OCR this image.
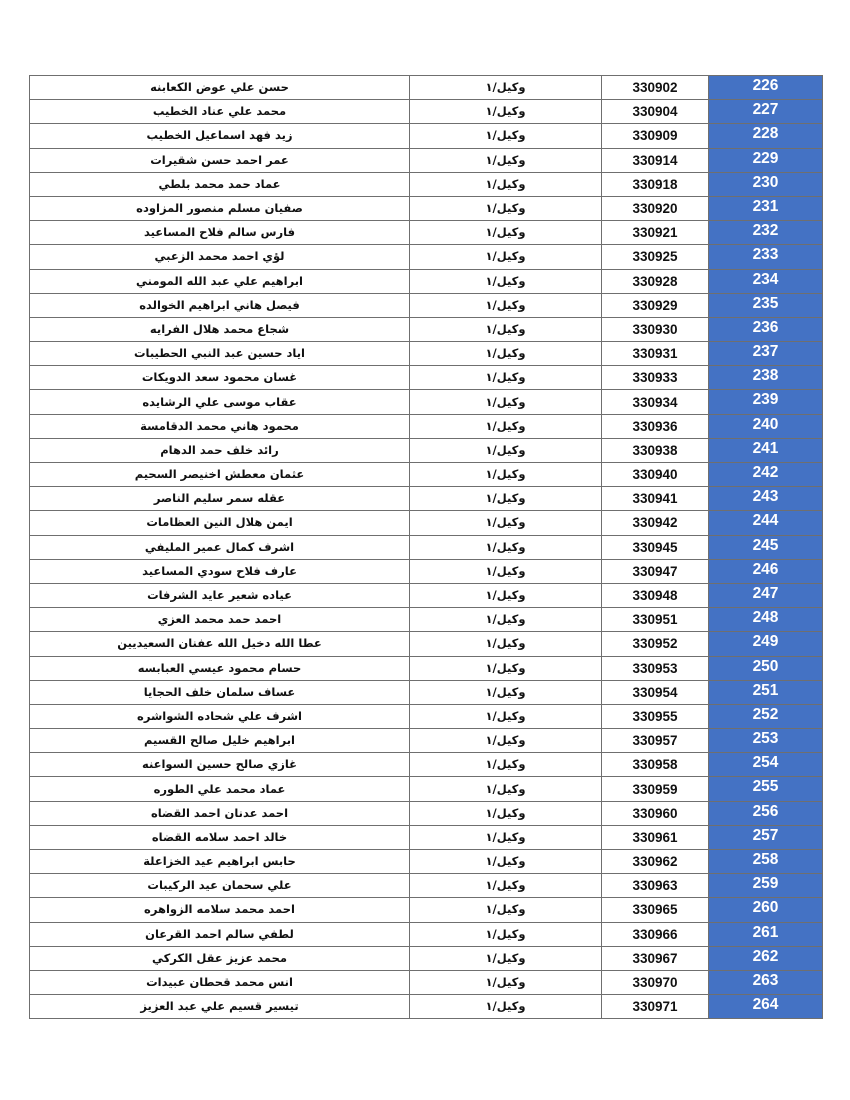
حسن علي عوض الكعابنه	وكيل/١	330902	226

محمد علي عناد الخطيب	وكيل/١	330904	227

زيد فهد اسماعيل الخطيب	وكيل/١	330909	228

عمر احمد حسن شقيرات	وكيل/١	330914	229

عماد حمد محمد بلطي	وكيل/١	330918	230

صفيان مسلم منصور المزاوده	وكيل/١	330920	231

فارس سالم فلاح المساعيد	وكيل/١	330921	232

لؤي احمد محمد الزعبي	وكيل/١	330925	233

ابراهيم علي عبد الله المومني	وكيل/١	330928	234

فيصل هاني ابراهيم الخوالده	وكيل/١	330929	235

شجاع محمد هلال الفرايه	وكيل/١	330930	236

اياد حسين عبد النبي الحطيبات	وكيل/١	330931	237

غسان محمود سعد الدويكات	وكيل/١	330933	238

عقاب موسى علي الرشايده	وكيل/١	330934	239

محمود هاني محمد الدقامسة	وكيل/١	330936	240

رائد خلف حمد الدهام	وكيل/١	330938	241

عثمان معطش اخنيصر السحيم	وكيل/١	330940	242

عقله سمر سليم الناصر	وكيل/١	330941	243

ايمن هلال النين العظامات	وكيل/١	330942	244

اشرف كمال عمير المليفي	وكيل/١	330945	245

عارف فلاح سودي المساعيد	وكيل/١	330947	246

عياده شعير عايد الشرفات	وكيل/١	330948	247

احمد حمد محمد العزي	وكيل/١	330951	248

عطا الله دخيل الله عفنان السعيديين	وكيل/١	330952	249

حسام محمود عيسي العبابسه	وكيل/١	330953	250

عساف سلمان خلف الحجايا	وكيل/١	330954	251

اشرف علي شحاده الشواشره	وكيل/١	330955	252

ابراهيم خليل صالح القسيم	وكيل/١	330957	253

غازي صالح حسين السواعنه	وكيل/١	330958	254

عماد محمد علي الطوره	وكيل/١	330959	255

احمد عدنان احمد القضاه	وكيل/١	330960	256

خالد احمد سلامه القضاه	وكيل/١	330961	257

حابس ابراهيم عيد الخزاعلة	وكيل/١	330962	258

علي سحمان عيد الركيبات	وكيل/١	330963	259

احمد محمد سلامه الزواهره	وكيل/١	330965	260

لطفي سالم احمد القرعان	وكيل/١	330966	261

محمد عزيز عقل الكركي	وكيل/١	330967	262

انس محمد قحطان عبيدات	وكيل/١	330970	263

تيسير قسيم علي عبد العزيز	وكيل/١	330971	264
